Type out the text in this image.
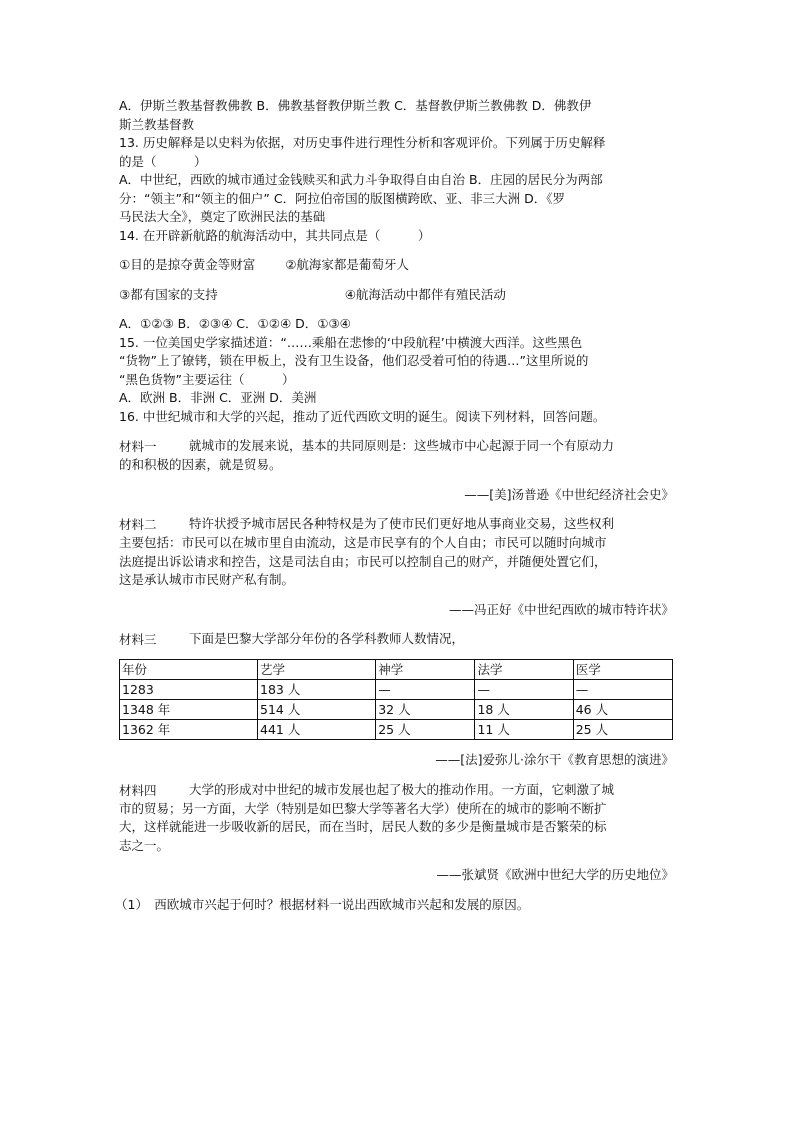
A．伊斯兰教基督教佛教 B．佛教基督教伊斯兰教 C．基督教伊斯兰教佛教 D．佛教伊
斯兰教基督教
13. 历史解释是以史料为依据，对历史事件进行理性分析和客观评价。下列属于历史解释
的是（　　　）
A．中世纪，西欧的城市通过金钱赎买和武力斗争取得自由自治 B．庄园的居民分为两部
分：“领主”和“领主的佃户” C．阿拉伯帝国的版图横跨欧、亚、非三大洲 D．《罗
马民法大全》，奠定了欧洲民法的基础
14. 在开辟新航路的航海活动中，其共同点是（　　　）
①目的是掠夺黄金等财富 ②航海家都是葡萄牙人
③都有国家的支持	④航海活动中都伴有殖民活动
A．①②③ B．②③④ C．①②④ D．①③④
15. 一位美国史学家描述道：“……乘船在悲惨的‘中段航程’中横渡大西洋。这些黑色
“货物”上了镣铐，锁在甲板上，没有卫生设备，他们忍受着可怕的待遇…”这里所说的
“黑色货物”主要运往（　　　）
A．欧洲 B．非洲 C．亚洲 D．美洲
16. 中世纪城市和大学的兴起，推动了近代西欧文明的诞生。阅读下列材料，回答问题。
材料一	就城市的发展来说，基本的共同原则是：这些城市中心起源于同一个有原动力
的和积极的因素，就是贸易。
——[美]汤普逊《中世纪经济社会史》
材料二	特许状授予城市居民各种特权是为了使市民们更好地从事商业交易，这些权利
主要包括：市民可以在城市里自由流动，这是市民享有的个人自由；市民可以随时向城市
法庭提出诉讼请求和控告，这是司法自由；市民可以控制自己的财产，并随便处置它们，
这是承认城市市民财产私有制。
——冯正好《中世纪西欧的城市特许状》
材料三	下面是巴黎大学部分年份的各学科教师人数情况，
年份	艺学	神学	法学	医学
1283	183 人	—	—	—
1348 年	514 人	32 人	18 人	46 人
1362 年	441 人	25 人	11 人	25 人
——[法]爱弥儿·涂尔干《教育思想的演进》
材料四	大学的形成对中世纪的城市发展也起了极大的推动作用。一方面，它刺激了城
市的贸易；另一方面，大学（特别是如巴黎大学等著名大学）使所在的城市的影响不断扩
大，这样就能进一步吸收新的居民，而在当时，居民人数的多少是衡量城市是否繁荣的标
志之一。
——张斌贤《欧洲中世纪大学的历史地位》
（1）　西欧城市兴起于何时？根据材料一说出西欧城市兴起和发展的原因。
